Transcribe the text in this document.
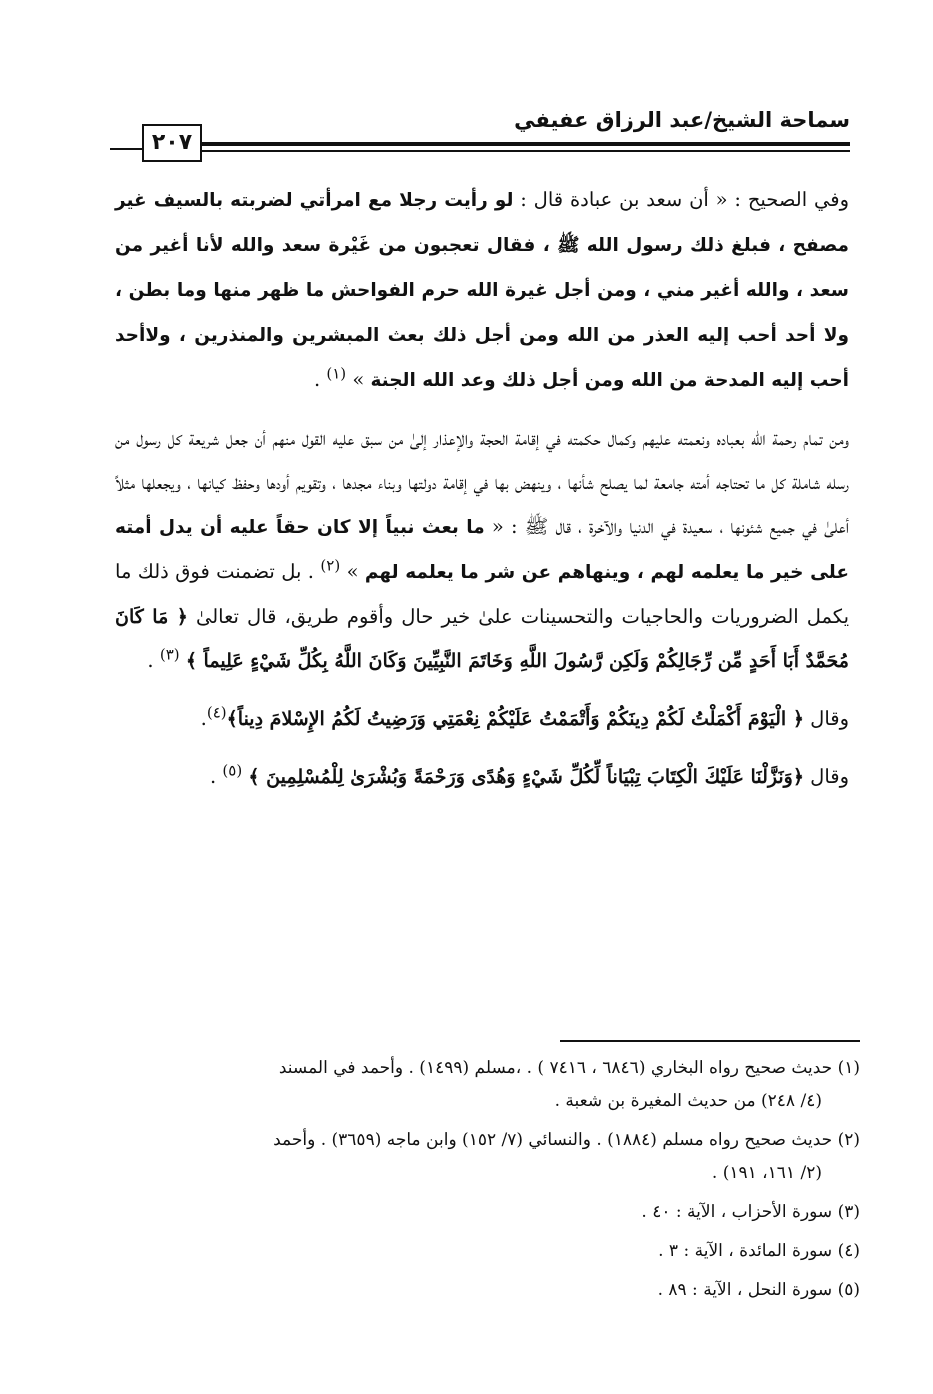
سماحة الشيخ/عبد الرزاق عفيفي
٢٠٧

وفي الصحيح : « أن سعد بن عبادة قال : لو رأيت رجلا مع امرأتي لضربته بالسيف غير مصفح ، فبلغ ذلك رسول الله ﷺ ، فقال تعجبون من غَيْرة سعد والله لأنا أغير من سعد ، والله أغير مني ، ومن أجل غيرة الله حرم الفواحش ما ظهر منها وما بطن ، ولا أحد أحب إليه العذر من الله ومن أجل ذلك بعث المبشرين والمنذرين ، ولاأحد أحب إليه المدحة من الله ومن أجل ذلك وعد الله الجنة » $^{(١)}$ .

ومن تمام رحمة الله بعباده ونعمته عليهم وكمال حكمته في إقامة الحجة والإعذار إلىٰ من سبق عليه القول منهم أن جعل شريعة كل رسول من رسله شاملة كل ما تحتاجه أمته جامعة لما يصلح شأنها ، وينهض بها في إقامة دولتها وبناء مجدها ، وتقويم أودها وحفظ كيانها ، ويجعلها مثلاً أعلىٰ في جميع شئونها ، سعيدة في الدنيا والآخرة ، قال ﷺ : « ما بعث نبياً إلا كان حقاً عليه أن يدل أمته على خير ما يعلمه لهم ، وينهاهم عن شر ما يعلمه لهم » $^{(٢)}$ . بل تضمنت فوق ذلك ما يكمل الضروريات والحاجيات والتحسينات علىٰ خير حال وأقوم طريق، قال تعالىٰ ﴿ مَا كَانَ مُحَمَّدٌ أَبَا أَحَدٍ مِّن رِّجَالِكُمْ وَلَكِن رَّسُولَ اللَّهِ وَخَاتَمَ النَّبِيِّينَ وَكَانَ اللَّهُ بِكُلِّ شَيْءٍ عَلِيماً ﴾ $^{(٣)}$ .

وقال ﴿ الْيَوْمَ أَكْمَلْتُ لَكُمْ دِينَكُمْ وَأَتْمَمْتُ عَلَيْكُمْ نِعْمَتِي وَرَضِيتُ لَكُمُ الإِسْلامَ دِيناً﴾$^{(٤)}$.

وقال ﴿وَنَزَّلْنَا عَلَيْكَ الْكِتَابَ تِبْيَاناً لِّكُلِّ شَيْءٍ وَهُدًى وَرَحْمَةً وَبُشْرَىٰ لِلْمُسْلِمِينَ ﴾ $^{(٥)}$ .

(١) حديث صحيح رواه البخاري (٦٨٤٦ ، ٧٤١٦ ) . ،مسلم (١٤٩٩) . وأحمد في المسند
(٤/ ٢٤٨) من حديث المغيرة بن شعبة .
(٢) حديث صحيح رواه مسلم (١٨٨٤) . والنسائي (٧/ ١٥٢) وابن ماجه (٣٦٥٩) . وأحمد
(٢/ ١٦١، ١٩١) .
(٣) سورة الأحزاب ، الآية : ٤٠ .
(٤) سورة المائدة ، الآية : ٣ .
(٥) سورة النحل ، الآية : ٨٩ .
